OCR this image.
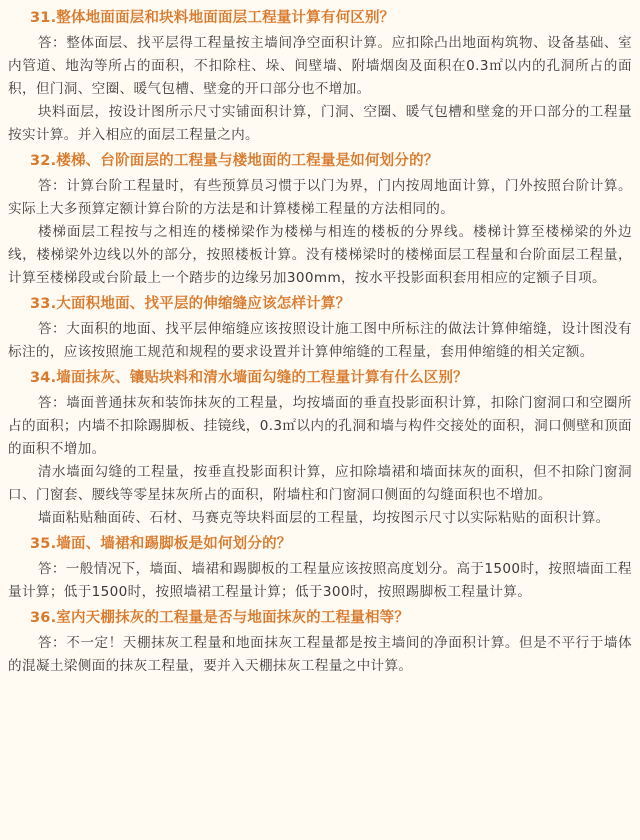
31.整体地面面层和块料地面面层工程量计算有何区别？

答：整体面层、找平层得工程量按主墙间净空面积计算。应扣除凸出地面构筑物、设备基础、室内管道、地沟等所占的面积，不扣除柱、垛、间壁墙、附墙烟囱及面积在0.3㎡以内的孔洞所占的面积，但门洞、空圈、暖气包槽、壁龛的开口部分也不增加。

块料面层，按设计图所示尺寸实铺面积计算，门洞、空圈、暖气包槽和壁龛的开口部分的工程量按实计算。并入相应的面层工程量之内。

32.楼梯、台阶面层的工程量与楼地面的工程量是如何划分的？

答：计算台阶工程量时，有些预算员习惯于以门为界，门内按周地面计算，门外按照台阶计算。实际上大多预算定额计算台阶的方法是和计算楼梯工程量的方法相同的。

楼梯面层工程按与之相连的楼梯梁作为楼梯与相连的楼板的分界线。楼梯计算至楼梯梁的外边线，楼梯梁外边线以外的部分，按照楼板计算。没有楼梯梁时的楼梯面层工程量和台阶面层工程量，计算至楼梯段或台阶最上一个踏步的边缘另加300mm，按水平投影面积套用相应的定额子目项。

33.大面积地面、找平层的伸缩缝应该怎样计算？

答：大面积的地面、找平层伸缩缝应该按照设计施工图中所标注的做法计算伸缩缝，设计图没有标注的，应该按照施工规范和规程的要求设置并计算伸缩缝的工程量，套用伸缩缝的相关定额。

34.墙面抹灰、镶贴块料和清水墙面勾缝的工程量计算有什么区别？

答：墙面普通抹灰和装饰抹灰的工程量，均按墙面的垂直投影面积计算，扣除门窗洞口和空圈所占的面积；内墙不扣除踢脚板、挂镜线，0.3㎡以内的孔洞和墙与构件交接处的面积，洞口侧壁和顶面的面积不增加。

清水墙面勾缝的工程量，按垂直投影面积计算，应扣除墙裙和墙面抹灰的面积，但不扣除门窗洞口、门窗套、腰线等零星抹灰所占的面积，附墙柱和门窗洞口侧面的勾缝面积也不增加。

墙面粘贴釉面砖、石材、马赛克等块料面层的工程量，均按图示尺寸以实际粘贴的面积计算。

35.墙面、墙裙和踢脚板是如何划分的？

答：一般情况下，墙面、墙裙和踢脚板的工程量应该按照高度划分。高于1500时，按照墙面工程量计算；低于1500时，按照墙裙工程量计算；低于300时，按照踢脚板工程量计算。

36.室内天棚抹灰的工程量是否与地面抹灰的工程量相等？

答：不一定！天棚抹灰工程量和地面抹灰工程量都是按主墙间的净面积计算。但是不平行于墙体的混凝土梁侧面的抹灰工程量，要并入天棚抹灰工程量之中计算。
